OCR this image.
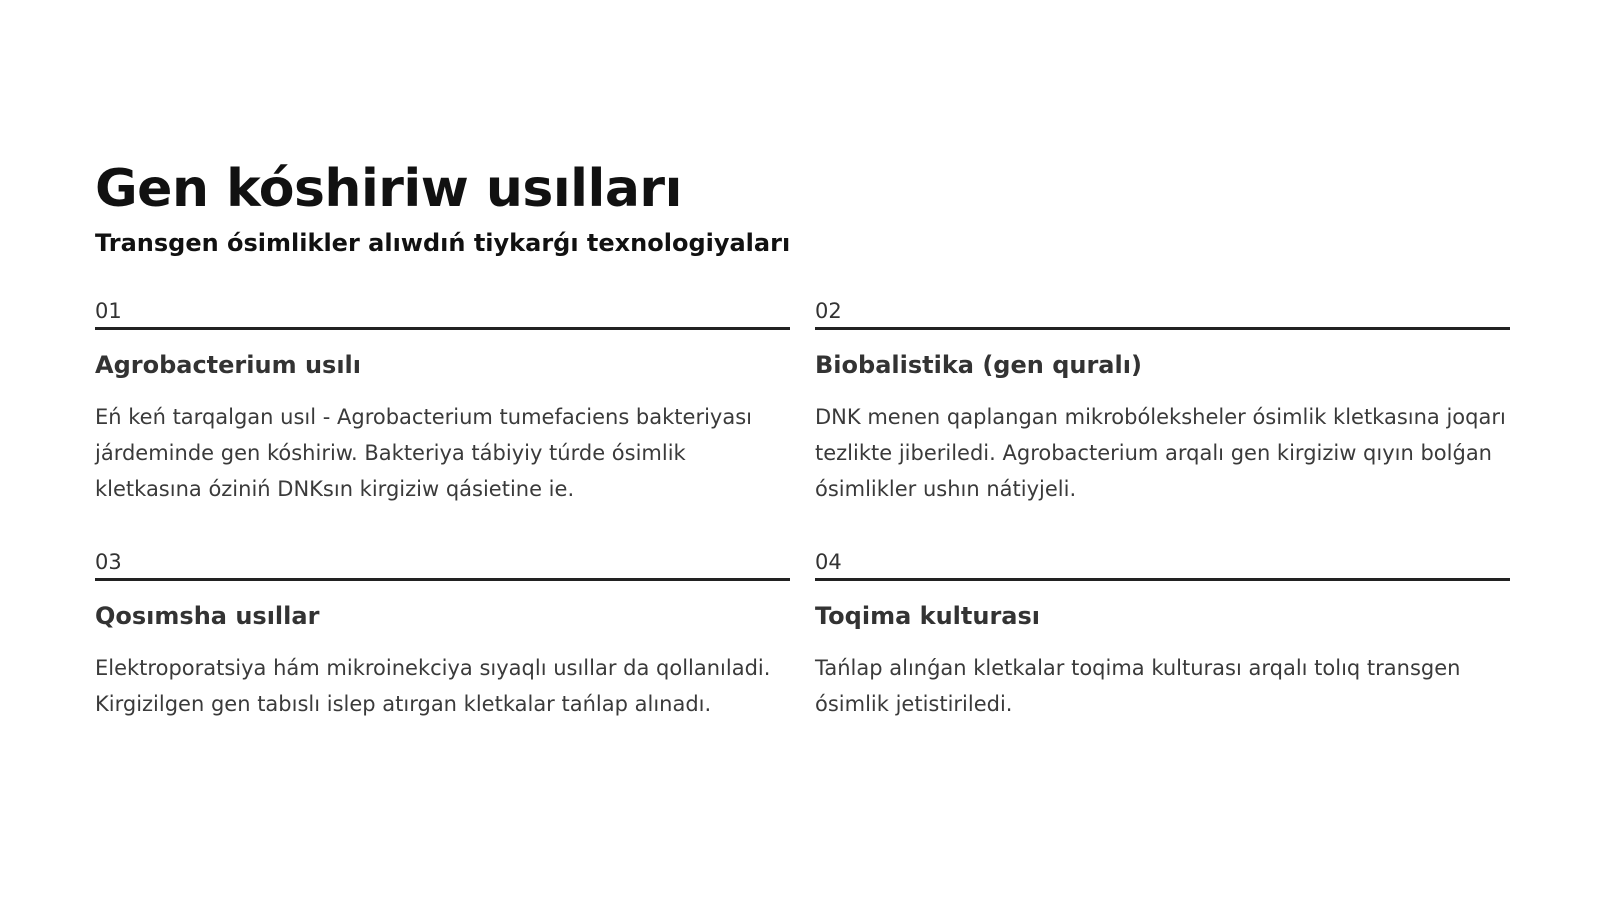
Gen kóshiriw usılları
Transgen ósimlikler alıwdıń tiykarǵı texnologiyaları
01
Agrobacterium usılı

Eń keń tarqalgan usıl - Agrobacterium tumefaciens bakteriyası járdeminde gen kóshiriw. Bakteriya tábiyiy túrde ósimlik kletkasına óziniń DNKsın kirgiziw qásietine ie.

02
Biobalistika (gen quralı)

DNK menen qaplangan mikrobóleksheler ósimlik kletkasına joqarı tezlikte jiberiledi. Agrobacterium arqalı gen kirgiziw qıyın bolǵan ósimlikler ushın nátiyjeli.

03
Qosımsha usıllar

Elektroporatsiya hám mikroinekciya sıyaqlı usıllar da qollanıladi. Kirgizilgen gen tabıslı islep atırgan kletkalar tańlap alınadı.

04
Toqima kulturası

Tańlap alınǵan kletkalar toqima kulturası arqalı tolıq transgen ósimlik jetistiriledi.
